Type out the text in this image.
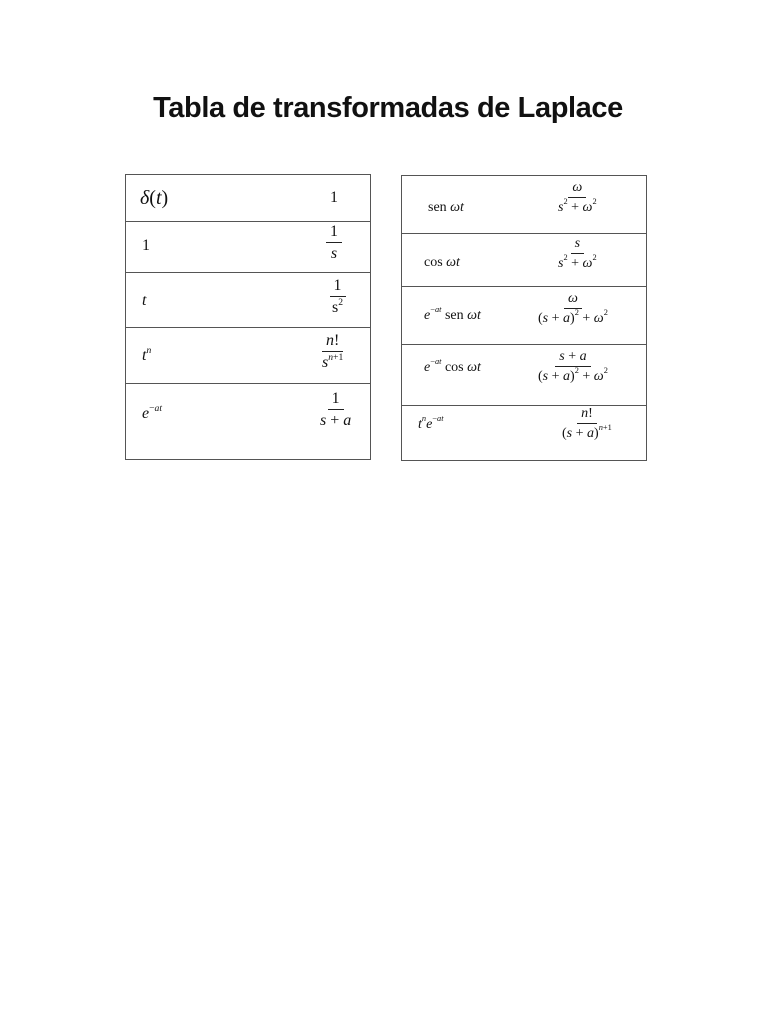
Tabla de transformadas de Laplace
δ(t)	1
1	$\frac{1}{s}$
t	$\frac{1}{s^2}$
$t^n$	$\frac{n!}{s^{n+1}}$
$e^{-at}$	$\frac{1}{s + a}$
sen ωt	$\frac{\omega}{s^2 + \omega^2}$
cos ωt	$\frac{s}{s^2 + \omega^2}$
$e^{-at}$ sen ωt	$\frac{\omega}{(s + a)^2 + \omega^2}$
$e^{-at}$ cos ωt	$\frac{s + a}{(s + a)^2 + \omega^2}$
$t^ne^{-at}$	$\frac{n!}{(s + a)^{n+1}}$
